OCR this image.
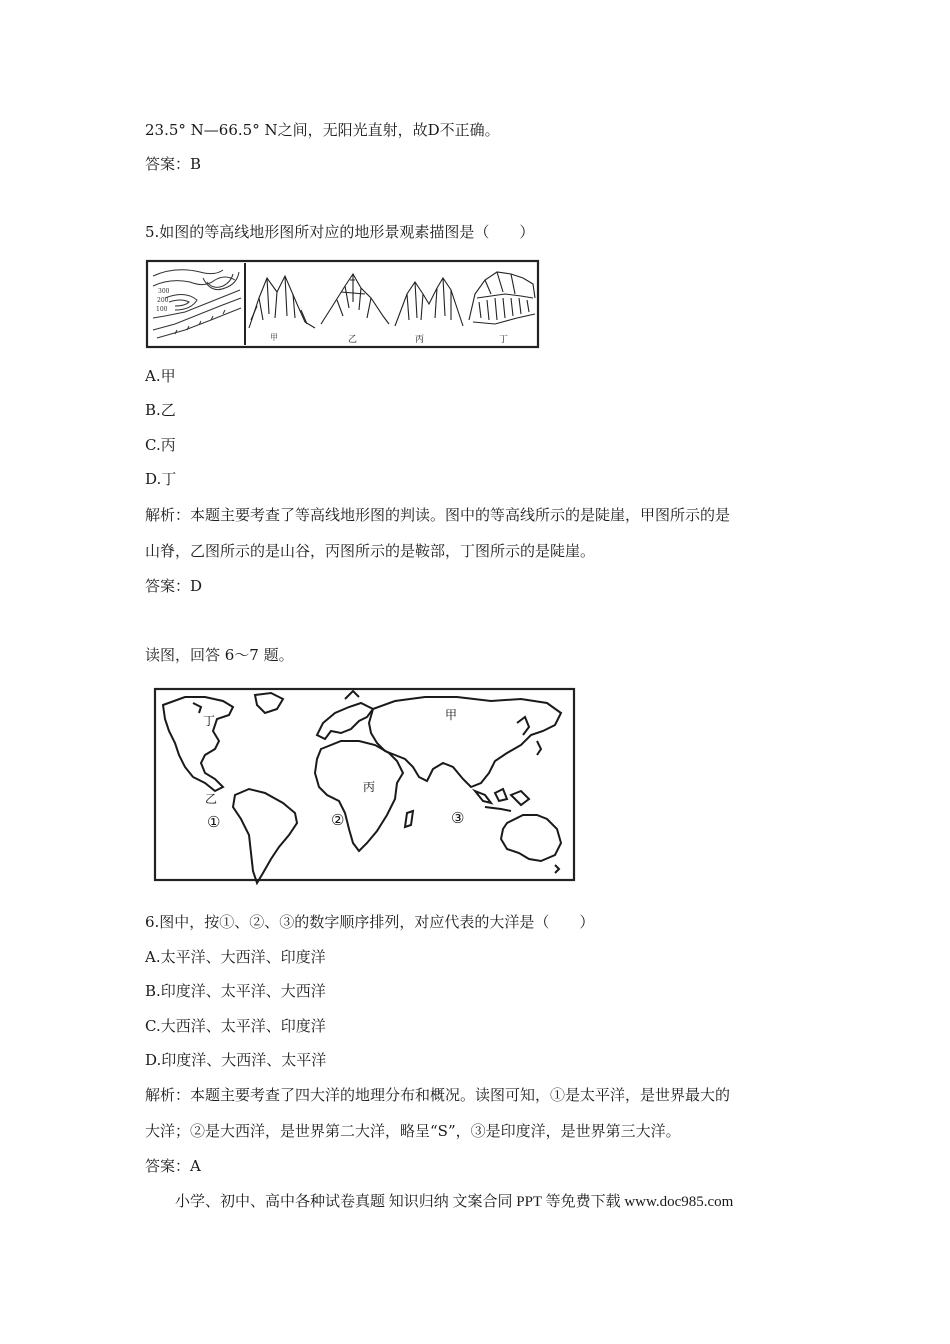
23.5° N—66.5° N之间，无阳光直射，故D不正确。
答案：B
5.如图的等高线地形图所对应的地形景观素描图是（　　）
300
200
100
甲	乙	丙	丁
A.甲
B.乙
C.丙
D.丁
解析：本题主要考查了等高线地形图的判读。图中的等高线所示的是陡崖，甲图所示的是
山脊，乙图所示的是山谷，丙图所示的是鞍部，丁图所示的是陡崖。
答案：D
读图，回答 6～7 题。
丁	甲
丙
乙
①	②	③
6.图中，按①、②、③的数字顺序排列，对应代表的大洋是（　　）
A.太平洋、大西洋、印度洋
B.印度洋、太平洋、大西洋
C.大西洋、太平洋、印度洋
D.印度洋、大西洋、太平洋
解析：本题主要考查了四大洋的地理分布和概况。读图可知，①是太平洋，是世界最大的
大洋；②是大西洋，是世界第二大洋，略呈“S”，③是印度洋，是世界第三大洋。
答案：A
小学、初中、高中各种试卷真题 知识归纳 文案合同 PPT 等免费下载 www.doc985.com
